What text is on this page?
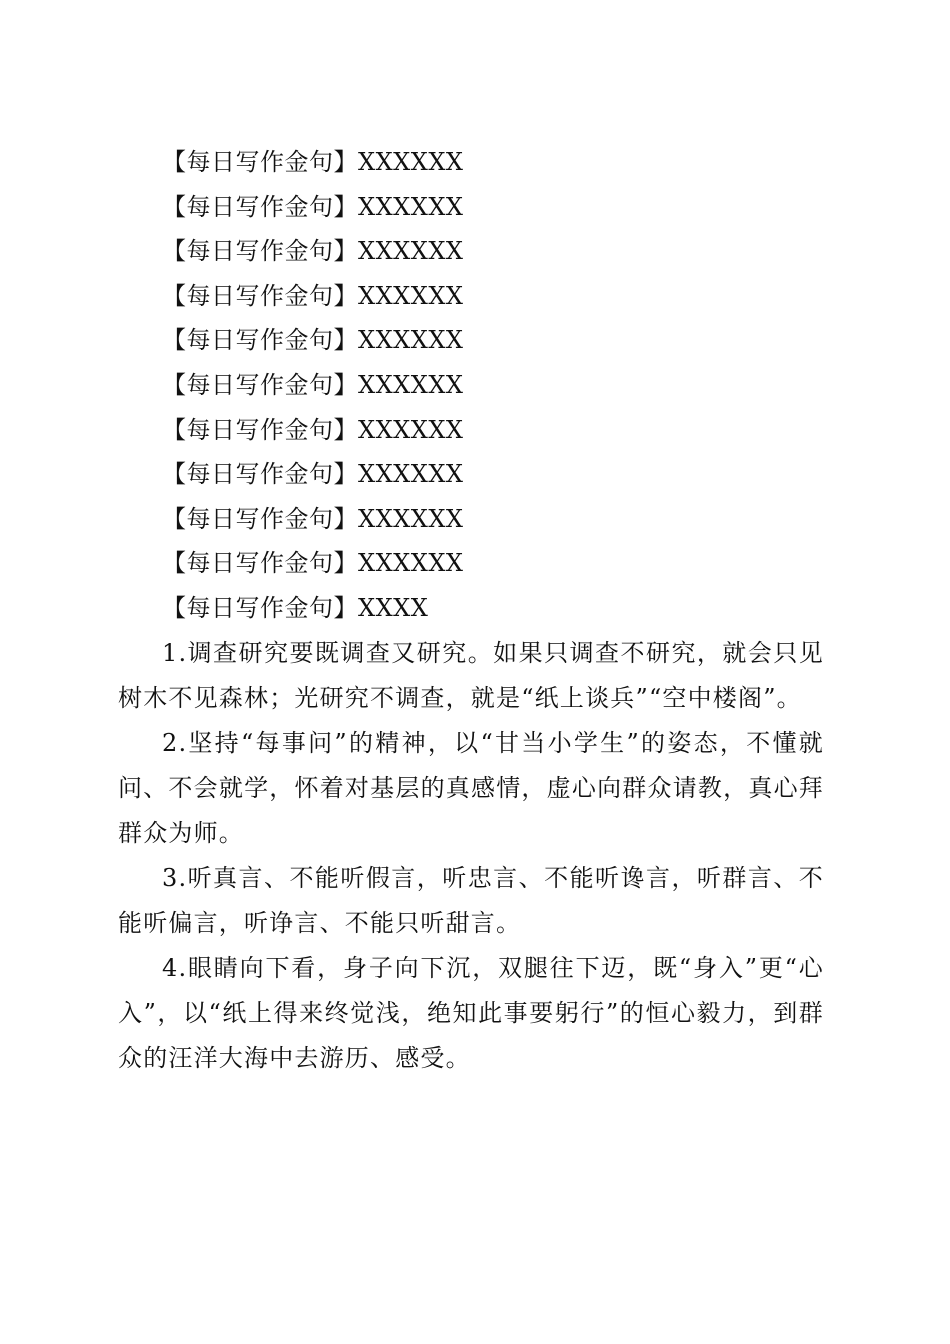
【每日写作金句】XXXXXX
【每日写作金句】XXXXXX
【每日写作金句】XXXXXX
【每日写作金句】XXXXXX
【每日写作金句】XXXXXX
【每日写作金句】XXXXXX
【每日写作金句】XXXXXX
【每日写作金句】XXXXXX
【每日写作金句】XXXXXX
【每日写作金句】XXXXXX
【每日写作金句】XXXX

1.调查研究要既调查又研究。如果只调查不研究，就会只见树木不见森林；光研究不调查，就是“纸上谈兵”“空中楼阁”。

2.坚持“每事问”的精神，以“甘当小学生”的姿态，不懂就问、不会就学，怀着对基层的真感情，虚心向群众请教，真心拜群众为师。

3.听真言、不能听假言，听忠言、不能听谗言，听群言、不能听偏言，听诤言、不能只听甜言。

4.眼睛向下看，身子向下沉，双腿往下迈，既“身入”更“心入”，以“纸上得来终觉浅，绝知此事要躬行”的恒心毅力，到群众的汪洋大海中去游历、感受。
